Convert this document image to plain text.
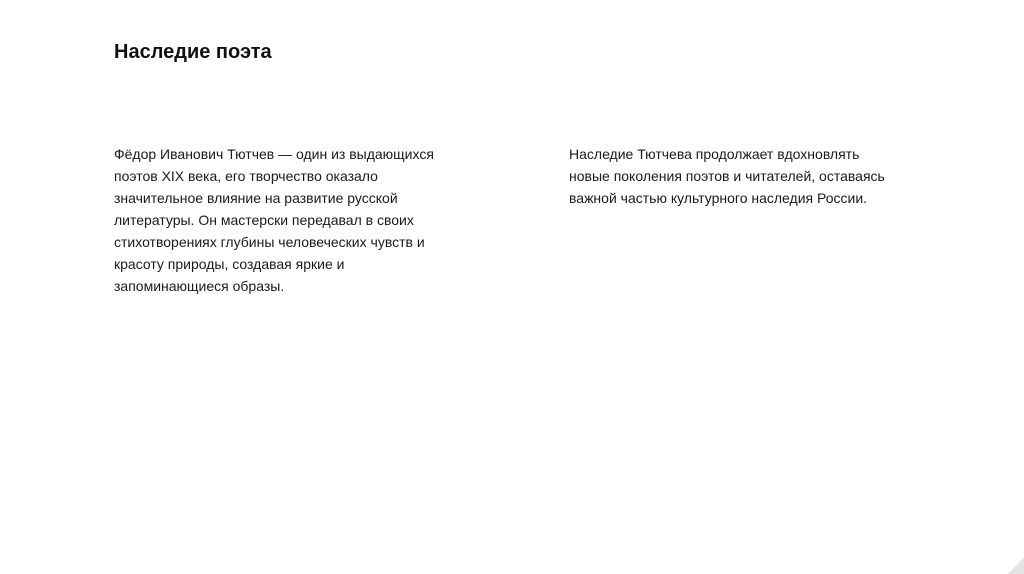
Наследие поэта
Фёдор Иванович Тютчев — один из выдающихся
поэтов XIX века, его творчество оказало
значительное влияние на развитие русской
литературы. Он мастерски передавал в своих
стихотворениях глубины человеческих чувств и
красоту природы, создавая яркие и
запоминающиеся образы.
Наследие Тютчева продолжает вдохновлять
новые поколения поэтов и читателей, оставаясь
важной частью культурного наследия России.
